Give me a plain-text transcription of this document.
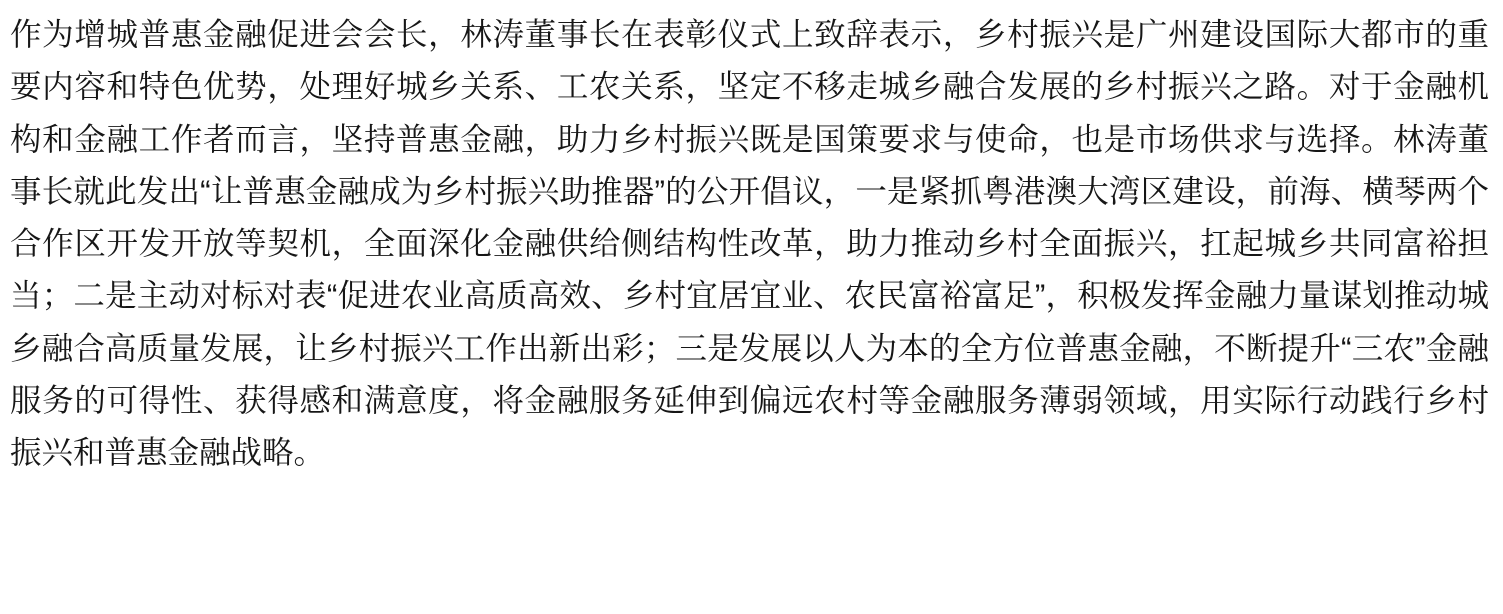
作为增城普惠金融促进会会长，林涛董事长在表彰仪式上致辞表示，乡村振兴是广州建设国际大都市的重要内容和特色优势，处理好城乡关系、工农关系，坚定不移走城乡融合发展的乡村振兴之路。对于金融机构和金融工作者而言，坚持普惠金融，助力乡村振兴既是国策要求与使命，也是市场供求与选择。林涛董事长就此发出“让普惠金融成为乡村振兴助推器”的公开倡议，一是紧抓粤港澳大湾区建设，前海、横琴两个合作区开发开放等契机，全面深化金融供给侧结构性改革，助力推动乡村全面振兴，扛起城乡共同富裕担当；二是主动对标对表“促进农业高质高效、乡村宜居宜业、农民富裕富足”，积极发挥金融力量谋划推动城乡融合高质量发展，让乡村振兴工作出新出彩；三是发展以人为本的全方位普惠金融，不断提升“三农”金融服务的可得性、获得感和满意度，将金融服务延伸到偏远农村等金融服务薄弱领域，用实际行动践行乡村振兴和普惠金融战略。
